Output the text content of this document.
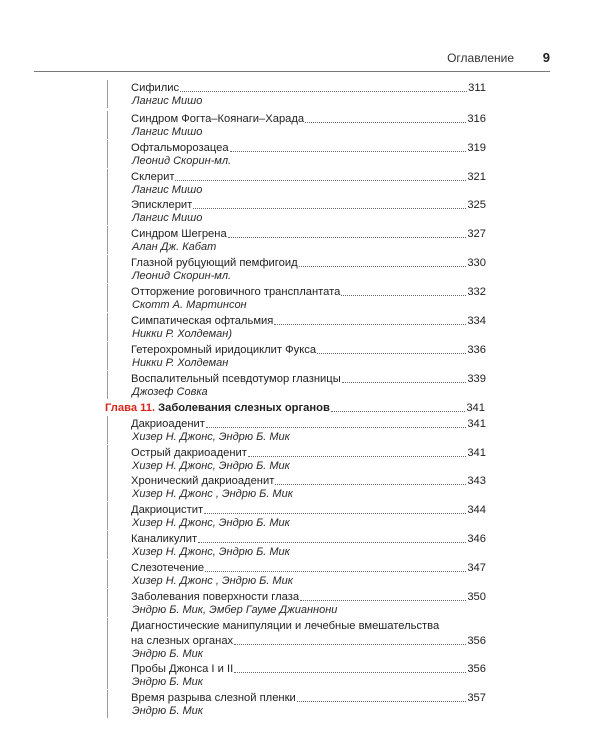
Оглавление 9
Сифилис	311
Лангис Мишо
Синдром Фогта–Коянаги–Харада	316
Лангис Мишо
Офтальморозацеа	319
Леонид Скорин-мл.
Склерит	321
Лангис Мишо
Эписклерит	325
Лангис Мишо
Синдром Шегрена	327
Алан Дж. Кабат
Глазной рубцующий пемфигоид	330
Леонид Скорин-мл.
Отторжение роговичного трансплантата	332
Скотт А. Мартинсон
Симпатическая офтальмия	334
Никки Р. Холдеман)
Гетерохромный иридоциклит Фукса	336
Никки Р. Холдеман
Воспалительный псевдотумор глазницы	339
Джозеф Совка
Глава 11. Заболевания слезных органов	341
Дакриоаденит	341
Хизер Н. Джонс, Эндрю Б. Мик
Острый дакриоаденит	341
Хизер Н. Джонс, Эндрю Б. Мик
Хронический дакриоаденит	343
Хизер Н. Джонс , Эндрю Б. Мик
Дакриоцистит	344
Хизер Н. Джонс, Эндрю Б. Мик
Каналикулит	346
Хизер Н. Джонс, Эндрю Б. Мик
Слезотечение	347
Хизер Н. Джонс , Эндрю Б. Мик
Заболевания поверхности глаза	350
Эндрю Б. Мик, Эмбер Гауме Джианнони
Диагностические манипуляции и лечебные вмешательства
на слезных органах	356
Эндрю Б. Мик
Пробы Джонса I и II	356
Эндрю Б. Мик
Время разрыва слезной пленки	357
Эндрю Б. Мик
